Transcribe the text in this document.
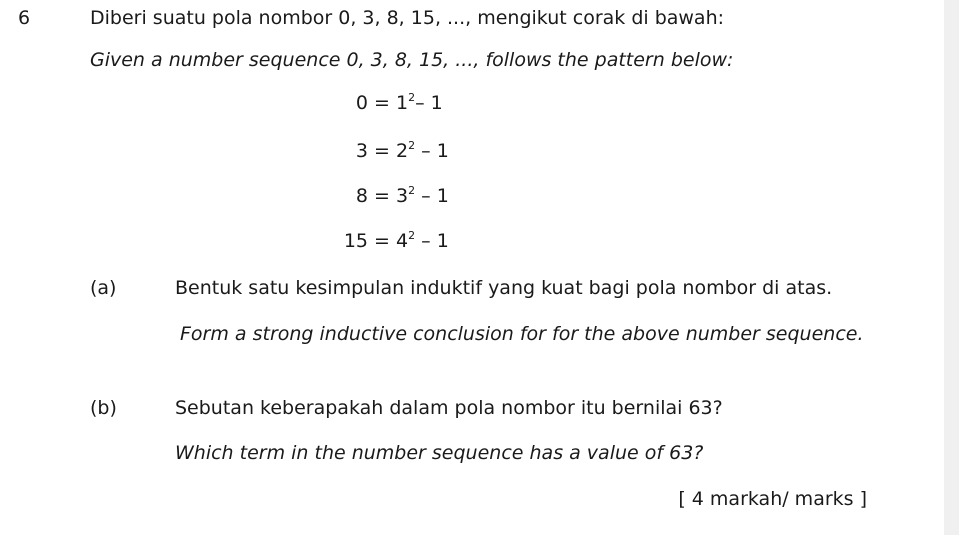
6	Diberi suatu pola nombor 0, 3, 8, 15, ..., mengikut corak di bawah:
Given a number sequence 0, 3, 8, 15, ..., follows the pattern below:
$0 = 1^2-$ 1
$3 = 2^2 - 1$
$8 = 3^2 - 1$
$15 = 4^2 - 1$
(a)	Bentuk satu kesimpulan induktif yang kuat bagi pola nombor di atas.
Form a strong inductive conclusion for for the above number sequence.
(b)	Sebutan keberapakah dalam pola nombor itu bernilai 63?
Which term in the number sequence has a value of 63?
[ 4 markah/ marks ]
